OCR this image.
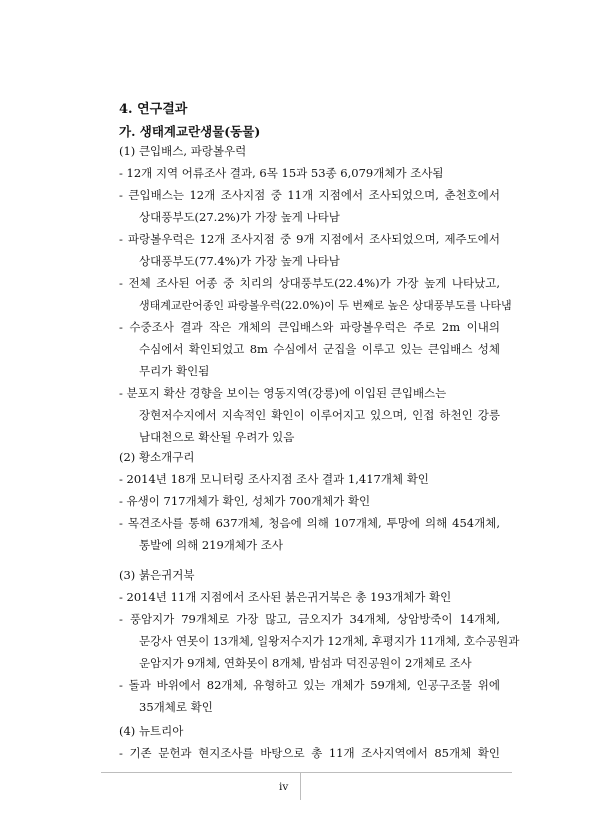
4. 연구결과
가. 생태계교란생물(동물)
(1) 큰입배스, 파랑볼우럭
- 12개 지역 어류조사 결과, 6목 15과 53종 6,079개체가 조사됨
- 큰입배스는 12개 조사지점 중 11개 지점에서 조사되었으며, 춘천호에서
상대풍부도(27.2%)가 가장 높게 나타남
- 파랑볼우럭은 12개 조사지점 중 9개 지점에서 조사되었으며, 제주도에서
상대풍부도(77.4%)가 가장 높게 나타남
- 전체 조사된 어종 중 치리의 상대풍부도(22.4%)가 가장 높게 나타났고,
생태계교란어종인 파랑볼우럭(22.0%)이 두 번째로 높은 상대풍부도를 나타냄
- 수중조사 결과 작은 개체의 큰입배스와 파랑볼우럭은 주로 2m 이내의
수심에서 확인되었고 8m 수심에서 군집을 이루고 있는 큰입배스 성체
무리가 확인됨
- 분포지 확산 경향을 보이는 영동지역(강릉)에 이입된 큰입배스는
장현저수지에서 지속적인 확인이 이루어지고 있으며, 인접 하천인 강릉
남대천으로 확산될 우려가 있음
(2) 황소개구리
- 2014년 18개 모니터링 조사지점 조사 결과 1,417개체 확인
- 유생이 717개체가 확인, 성체가 700개체가 확인
- 목견조사를 통해 637개체, 청음에 의해 107개체, 투망에 의해 454개체,
통발에 의해 219개체가 조사
(3) 붉은귀거북
- 2014년 11개 지점에서 조사된 붉은귀거북은 총 193개체가 확인
- 풍암지가 79개체로 가장 많고, 금오지가 34개체, 상암방죽이 14개체,
문강사 연못이 13개체, 일왕저수지가 12개체, 후평지가 11개체, 호수공원과
운암지가 9개체, 연화못이 8개체, 밤섬과 덕진공원이 2개체로 조사
- 돌과 바위에서 82개체, 유형하고 있는 개체가 59개체, 인공구조물 위에
35개체로 확인
iv
(4) 뉴트리아
- 기존 문헌과 현지조사를 바탕으로 총 11개 조사지역에서 85개체 확인
